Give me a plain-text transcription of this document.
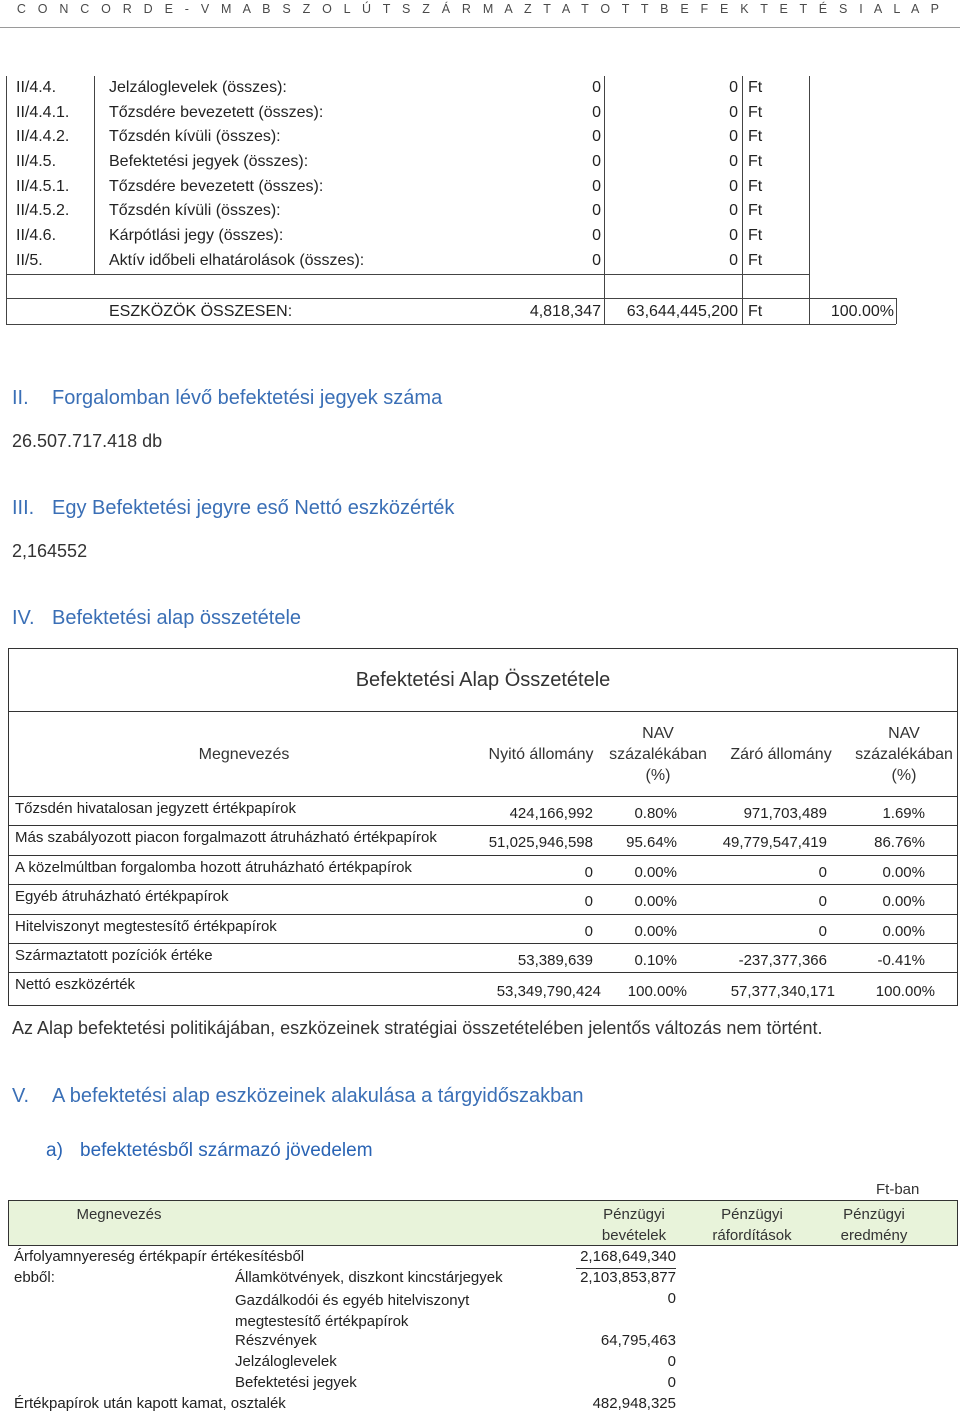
C O N C O R D E - V M A B S Z O L Ú T S Z Á R M A Z T A T O T T B E F E K T E T É S I A L A P
II/4.4.	Jelzáloglevelek (összes):	0	0 Ft
II/4.4.1. Tőzsdére bevezetett (összes):	0	0 Ft
II/4.4.2. Tőzsdén kívüli (összes):	0	0 Ft
II/4.5.	Befektetési jegyek (összes):	0	0 Ft
II/4.5.1. Tőzsdére bevezetett (összes):	0	0 Ft
II/4.5.2. Tőzsdén kívüli (összes):	0	0 Ft
II/4.6.	Kárpótlási jegy (összes):	0	0 Ft
II/5.	Aktív időbeli elhatárolások (összes):	0	0 Ft
ESZKÖZÖK ÖSSZESEN:	4,818,347 63,644,445,200 Ft	100.00%
II. Forgalomban lévő befektetési jegyek száma
26.507.717.418 db
III. Egy Befektetési jegyre eső Nettó eszközérték
2,164552
IV. Befektetési alap összetétele
Befektetési Alap Összetétele
Megnevezés	Nyitó állomány
NAV
százalékában
(%)
Záró állomány
NAV
százalékában
(%)
Tőzsdén hivatalosan jegyzett értékpapírok	424,166,992	0.80%	971,703,489	1.69%
Más szabályozott piacon forgalmazott átruházható értékpapírok	51,025,946,598 95.64%	49,779,547,419	86.76%
A közelmúltban forgalomba hozott átruházható értékpapírok	0	0.00%	0	0.00%
Egyéb átruházható értékpapírok	0	0.00%	0	0.00%
Hitelviszonyt megtestesítő értékpapírok	0	0.00%	0	0.00%
Származtatott pozíciók értéke	53,389,639	0.10%	-237,377,366	-0.41%
Nettó eszközérték	53,349,790,424 100.00%	57,377,340,171	100.00%
Az Alap befektetési politikájában, eszközeinek stratégiai összetételében jelentős változás nem történt.
V. A befektetési alap eszközeinek alakulása a tárgyidőszakban
a) befektetésből származó jövedelem
Ft-ban
Megnevezés	Pénzügyi
bevételek
Pénzügyi
ráfordítások
Pénzügyi
eredmény
Árfolyamnyereség értékpapír értékesítésből	2,168,649,340
ebből:	Államkötvények, diszkont kincstárjegyek	2,103,853,877
Gazdálkodói és egyéb hitelviszonyt
megtestesítő értékpapírok
0
Részvények	64,795,463
Jelzáloglevelek	0
Befektetési jegyek	0
Értékpapírok után kapott kamat, osztalék	482,948,325
